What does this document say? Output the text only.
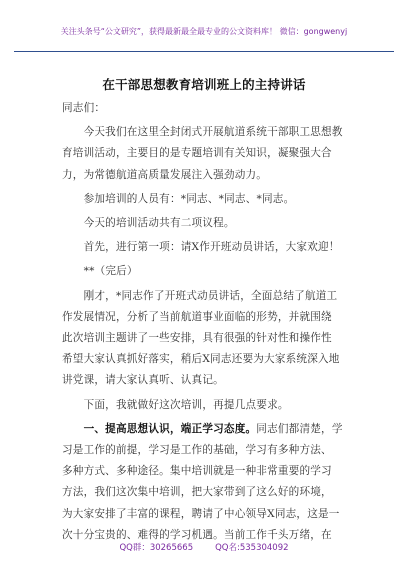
关注头条号“公文研究”，获得最新最全最专业的公文资料库！ 微信：gongwenyj
在干部思想教育培训班上的主持讲话

同志们：

  今天我们在这里全封闭式开展航道系统干部职工思想教
育培训活动，主要目的是专题培训有关知识，凝聚强大合
力，为常德航道高质量发展注入强劲动力。

  参加培训的人员有：*同志、*同志、*同志。

  今天的培训活动共有二项议程。

  首先，进行第一项：请X作开班动员讲话，大家欢迎！

  **（完后）

  刚才，*同志作了开班式动员讲话，全面总结了航道工
作发展情况，分析了当前航道事业面临的形势，并就围绕
此次培训主题讲了一些安排，具有很强的针对性和操作性
希望大家认真抓好落实，稍后X同志还要为大家系统深入地
讲党课，请大家认真听、认真记。

  下面，我就做好这次培训，再提几点要求。

  一、提高思想认识，端正学习态度。同志们都清楚，学
习是工作的前提，学习是工作的基础，学习有多种方法、
多种方式、多种途径。集中培训就是一种非常重要的学习
方法，我们这次集中培训，把大家带到了这么好的环境，
为大家安排了丰富的课程，聘请了中心领导X同志，这是一
次十分宝贵的、难得的学习机遇。当前工作千头万绪，在

QQ群：30265665	QQ名:535304092
